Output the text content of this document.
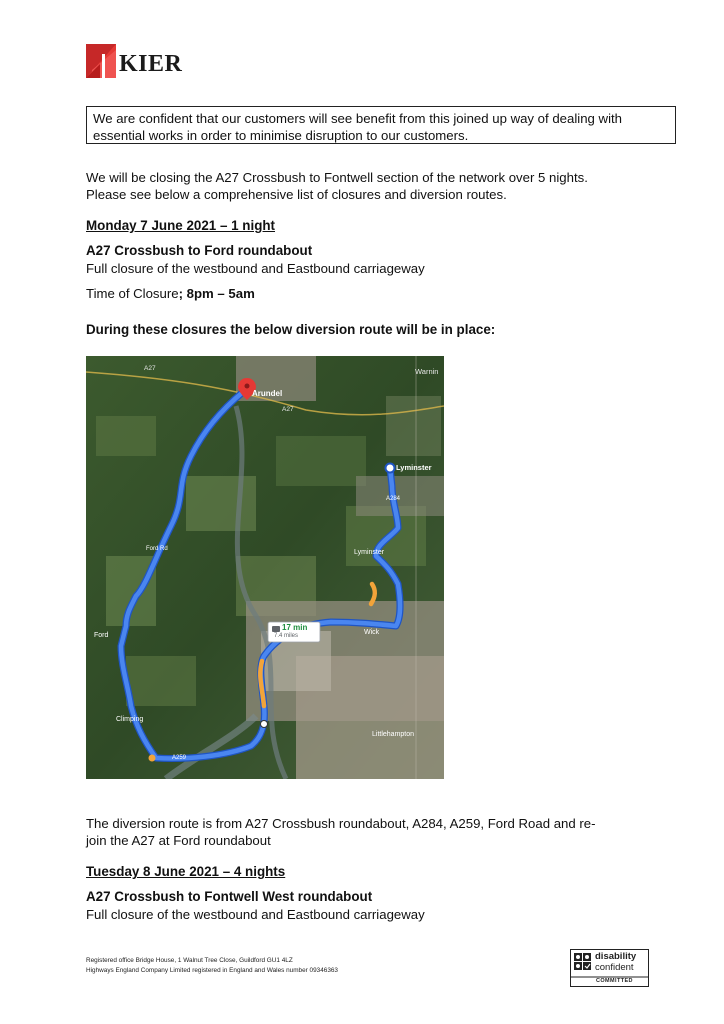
KIER
We are confident that our customers will see benefit from this joined up way of dealing with essential works in order to minimise disruption to our customers.
We will be closing the A27 Crossbush to Fontwell section of the network over 5 nights.
Please see below a comprehensive list of closures and diversion routes.
Monday 7 June 2021 – 1 night
A27 Crossbush to Ford roundabout
Full closure of the westbound and Eastbound carriageway
Time of Closure; 8pm – 5am
During these closures the below diversion route will be in place:
Arundel
Warnin
Lyminster
Lyminster
Wick
Ford
Climping
Littlehampton
A27
A27
A259
A284
Ford Rd
17 min
7.4 miles
The diversion route is from A27 Crossbush roundabout, A284, A259, Ford Road and re-
join the A27 at Ford roundabout
Tuesday 8 June 2021 – 4 nights
A27 Crossbush to Fontwell West roundabout
Full closure of the westbound and Eastbound carriageway
Registered office Bridge House, 1 Walnut Tree Close, Guildford GU1 4LZ
Highways England Company Limited registered in England and Wales number 09346363
disability
confident
COMMITTED
